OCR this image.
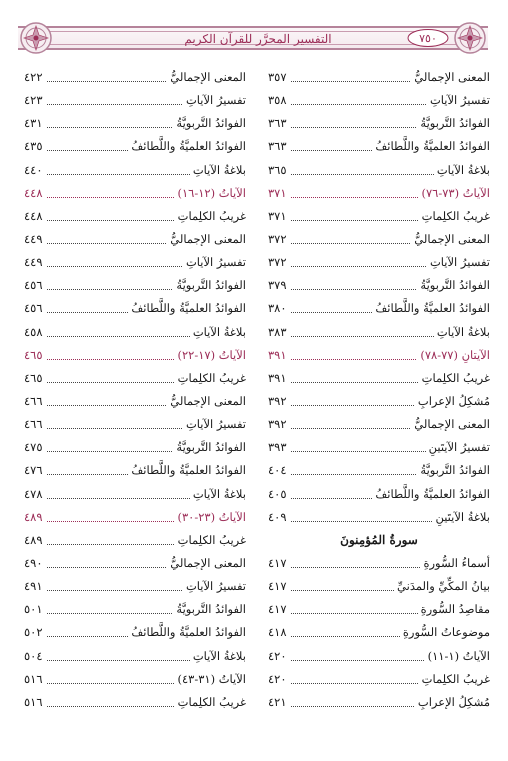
٧٥٠
التفسير المحرَّر للقرآن الكريم
المعنى الإجماليُّ
٣٥٧
تفسيرُ الآياتِ
٣٥٨
الفوائدُ التَّربويَّةُ
٣٦٣
الفوائدُ العلميَّةُ واللَّطائفُ
٣٦٣
بلاغةُ الآياتِ
٣٦٥
الآياتُ (٧٣-٧٦)
٣٧١
غريبُ الكلِماتِ
٣٧١
المعنى الإجماليُّ
٣٧٢
تفسيرُ الآياتِ
٣٧٢
الفوائدُ التَّربويَّةُ
٣٧٩
الفوائدُ العلميَّةُ واللَّطائفُ
٣٨٠
بلاغةُ الآياتِ
٣٨٣
الآيتانِ (٧٧-٧٨)
٣٩١
غريبُ الكلِماتِ
٣٩١
مُشكِلُ الإعرابِ
٣٩٢
المعنى الإجماليُّ
٣٩٢
تفسيرُ الآيتَينِ
٣٩٣
الفوائدُ التَّربويَّةُ
٤٠٤
الفوائدُ العلميَّةُ واللَّطائفُ
٤٠٥
بلاغةُ الآيتَينِ
٤٠٩
سورةُ المُؤمِنونَ
أسماءُ السُّورةِ
٤١٧
بيانُ المكِّيِّ والمدَنيِّ
٤١٧
مقاصِدُ السُّورةِ
٤١٧
موضوعاتُ السُّورةِ
٤١٨
الآياتُ (١-١١)
٤٢٠
غريبُ الكلِماتِ
٤٢٠
مُشكِلُ الإعرابِ
٤٢١
المعنى الإجماليُّ
٤٢٢
تفسيرُ الآياتِ
٤٢٣
الفوائدُ التَّربويَّةُ
٤٣١
الفوائدُ العلميَّةُ واللَّطائفُ
٤٣٥
بلاغةُ الآياتِ
٤٤٠
الآياتُ (١٢-١٦)
٤٤٨
غريبُ الكلِماتِ
٤٤٨
المعنى الإجماليُّ
٤٤٩
تفسيرُ الآياتِ
٤٤٩
الفوائدُ التَّربويَّةُ
٤٥٦
الفوائدُ العلميَّةُ واللَّطائفُ
٤٥٦
بلاغةُ الآياتِ
٤٥٨
الآياتُ (١٧-٢٢)
٤٦٥
غريبُ الكلِماتِ
٤٦٥
المعنى الإجماليُّ
٤٦٦
تفسيرُ الآياتِ
٤٦٦
الفوائدُ التَّربويَّةُ
٤٧٥
الفوائدُ العلميَّةُ واللَّطائفُ
٤٧٦
بلاغةُ الآياتِ
٤٧٨
الآياتُ (٢٣-٣٠)
٤٨٩
غريبُ الكلِماتِ
٤٨٩
المعنى الإجماليُّ
٤٩٠
تفسيرُ الآياتِ
٤٩١
الفوائدُ التَّربويَّةُ
٥٠١
الفوائدُ العلميَّةُ واللَّطائفُ
٥٠٢
بلاغةُ الآياتِ
٥٠٤
الآياتُ (٣١-٤٣)
٥١٦
غريبُ الكلِماتِ
٥١٦
